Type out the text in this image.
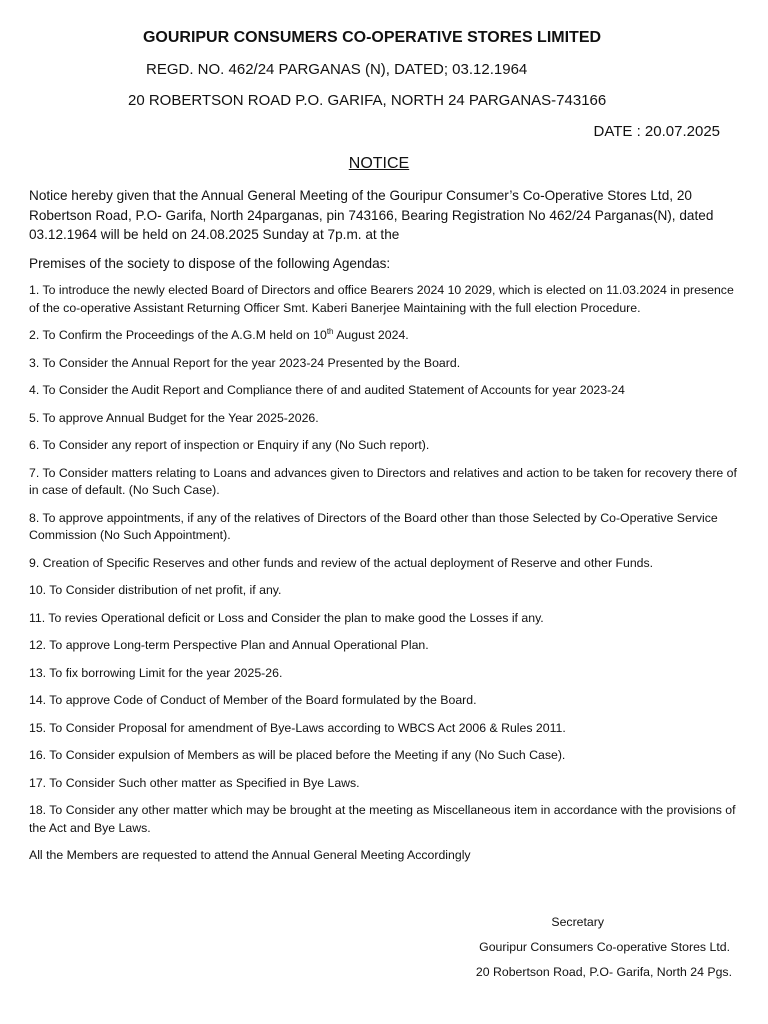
GOURIPUR CONSUMERS CO-OPERATIVE STORES LIMITED
REGD. NO. 462/24 PARGANAS (N), DATED; 03.12.1964
20 ROBERTSON ROAD P.O. GARIFA, NORTH 24 PARGANAS-743166
DATE : 20.07.2025
NOTICE

Notice hereby given that the Annual General Meeting of the Gouripur Consumer’s Co-Operative Stores Ltd, 20 Robertson Road, P.O- Garifa, North 24parganas, pin 743166, Bearing Registration No 462/24 Parganas(N), dated 03.12.1964 will be held on 24.08.2025 Sunday at 7p.m. at the

Premises of the society to dispose of the following Agendas:

1. To introduce the newly elected Board of Directors and office Bearers 2024 10 2029, which is elected on 11.03.2024 in presence of the co-operative Assistant Returning Officer Smt. Kaberi Banerjee Maintaining with the full election Procedure.
2. To Confirm the Proceedings of the A.G.M held on 10th August 2024.
3. To Consider the Annual Report for the year 2023-24 Presented by the Board.
4. To Consider the Audit Report and Compliance there of and audited Statement of Accounts for year 2023-24
5. To approve Annual Budget for the Year 2025-2026.
6. To Consider any report of inspection or Enquiry if any (No Such report).
7. To Consider matters relating to Loans and advances given to Directors and relatives and action to be taken for recovery there of in case of default. (No Such Case).
8. To approve appointments, if any of the relatives of Directors of the Board other than those Selected by Co-Operative Service Commission (No Such Appointment).
9. Creation of Specific Reserves and other funds and review of the actual deployment of Reserve and other Funds.
10. To Consider distribution of net profit, if any.
11. To revies Operational deficit or Loss and Consider the plan to make good the Losses if any.
12. To approve Long-term Perspective Plan and Annual Operational Plan.
13. To fix borrowing Limit for the year 2025-26.
14. To approve Code of Conduct of Member of the Board formulated by the Board.
15. To Consider Proposal for amendment of Bye-Laws according to WBCS Act 2006 & Rules 2011.
16. To Consider expulsion of Members as will be placed before the Meeting if any (No Such Case).
17. To Consider Such other matter as Specified in Bye Laws.
18. To Consider any other matter which may be brought at the meeting as Miscellaneous item in accordance with the provisions of the Act and Bye Laws.

All the Members are requested to attend the Annual General Meeting Accordingly

Secretary
Gouripur Consumers Co-operative Stores Ltd.
20 Robertson Road, P.O- Garifa, North 24 Pgs.
